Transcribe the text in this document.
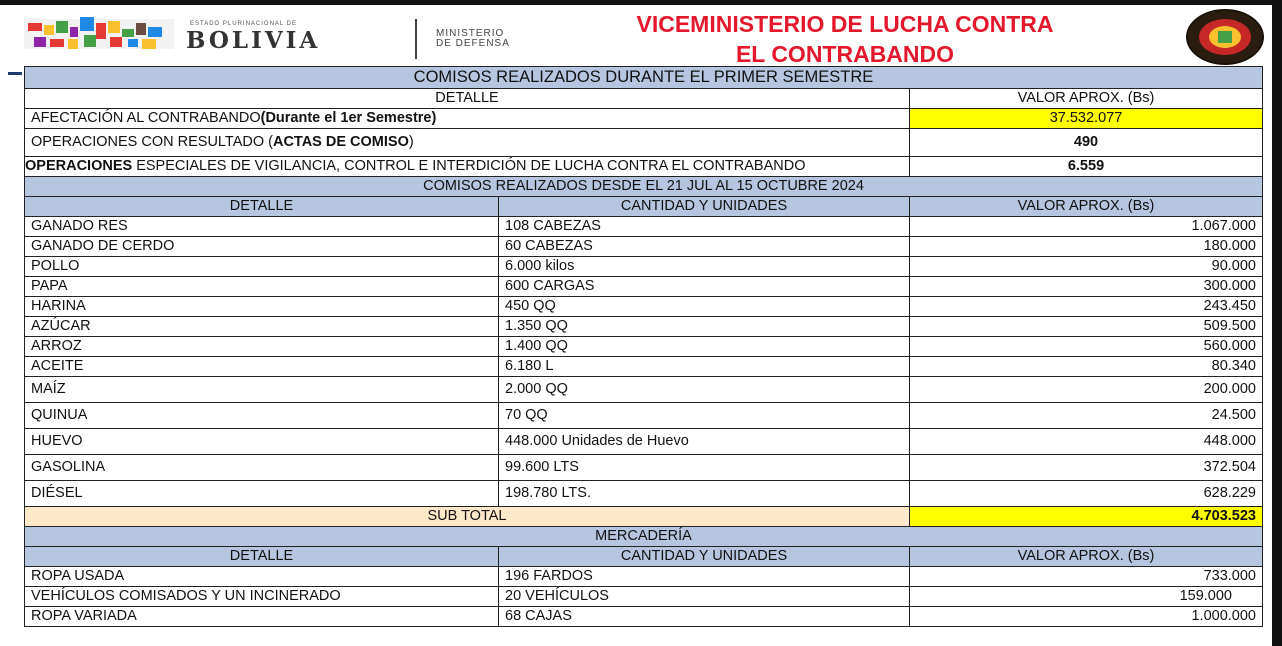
ESTADO PLURINACIONAL DE
BOLIVIA	MINISTERIO
DE DEFENSA
VICEMINISTERIO DE LUCHA CONTRA
EL CONTRABANDO
COMISOS REALIZADOS DURANTE EL PRIMER SEMESTRE		
DETALLE		VALOR APROX. (Bs)
AFECTACIÓN AL CONTRABANDO(Durante el 1er Semestre)		37.532.077
OPERACIONES CON RESULTADO (ACTAS DE COMISO)		490
OPERACIONES ESPECIALES DE VIGILANCIA, CONTROL E INTERDICIÓN DE LUCHA CONTRA EL CONTRABANDO		6.559
COMISOS REALIZADOS DESDE EL 21 JUL AL 15 OCTUBRE 2024		
DETALLE	CANTIDAD Y UNIDADES	VALOR APROX. (Bs)
GANADO RES	108 CABEZAS	1.067.000
GANADO DE CERDO	60 CABEZAS	180.000
POLLO	6.000 kilos	90.000
PAPA	600 CARGAS	300.000
HARINA	450 QQ	243.450
AZÚCAR	1.350 QQ	509.500
ARROZ	1.400 QQ	560.000
ACEITE	6.180 L	80.340
MAÍZ	2.000 QQ	200.000
QUINUA	70 QQ	24.500
HUEVO	448.000 Unidades de Huevo	448.000
GASOLINA	99.600 LTS	372.504
DIÉSEL	198.780 LTS.	628.229
SUB TOTAL		4.703.523
MERCADERÍA		
DETALLE	CANTIDAD Y UNIDADES	VALOR APROX. (Bs)
ROPA USADA	196 FARDOS	733.000
VEHÍCULOS COMISADOS Y UN INCINERADO	20 VEHÍCULOS	159.000
ROPA VARIADA	68 CAJAS	1.000.000
